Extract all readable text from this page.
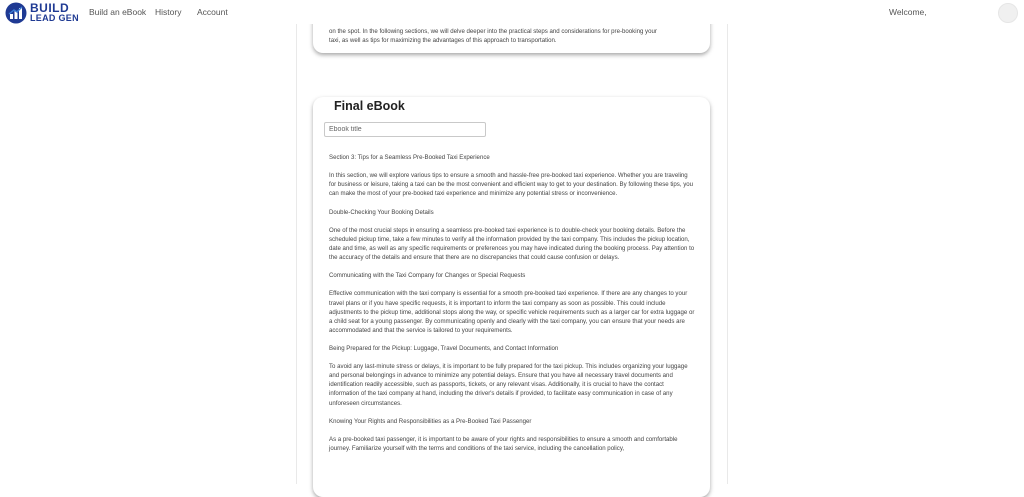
BUILD
LEAD GEN
Build an eBook History Account	Welcome,
on the spot. In the following sections, we will delve deeper into the practical steps and considerations for pre-booking your taxi, as well as tips for maximizing the advantages of this approach to transportation.
Final eBook
Ebook title

Section 3: Tips for a Seamless Pre-Booked Taxi Experience

In this section, we will explore various tips to ensure a smooth and hassle-free pre-booked taxi experience. Whether you are traveling for business or leisure, taking a taxi can be the most convenient and efficient way to get to your destination. By following these tips, you can make the most of your pre-booked taxi experience and minimize any potential stress or inconvenience.

Double-Checking Your Booking Details

One of the most crucial steps in ensuring a seamless pre-booked taxi experience is to double-check your booking details. Before the scheduled pickup time, take a few minutes to verify all the information provided by the taxi company. This includes the pickup location, date and time, as well as any specific requirements or preferences you may have indicated during the booking process. Pay attention to the accuracy of the details and ensure that there are no discrepancies that could cause confusion or delays.

Communicating with the Taxi Company for Changes or Special Requests

Effective communication with the taxi company is essential for a smooth pre-booked taxi experience. If there are any changes to your travel plans or if you have specific requests, it is important to inform the taxi company as soon as possible. This could include adjustments to the pickup time, additional stops along the way, or specific vehicle requirements such as a larger car for extra luggage or a child seat for a young passenger. By communicating openly and clearly with the taxi company, you can ensure that your needs are accommodated and that the service is tailored to your requirements.

Being Prepared for the Pickup: Luggage, Travel Documents, and Contact Information

To avoid any last-minute stress or delays, it is important to be fully prepared for the taxi pickup. This includes organizing your luggage and personal belongings in advance to minimize any potential delays. Ensure that you have all necessary travel documents and identification readily accessible, such as passports, tickets, or any relevant visas. Additionally, it is crucial to have the contact information of the taxi company at hand, including the driver's details if provided, to facilitate easy communication in case of any unforeseen circumstances.

Knowing Your Rights and Responsibilities as a Pre-Booked Taxi Passenger

As a pre-booked taxi passenger, it is important to be aware of your rights and responsibilities to ensure a smooth and comfortable journey. Familiarize yourself with the terms and conditions of the taxi service, including the cancellation policy,
